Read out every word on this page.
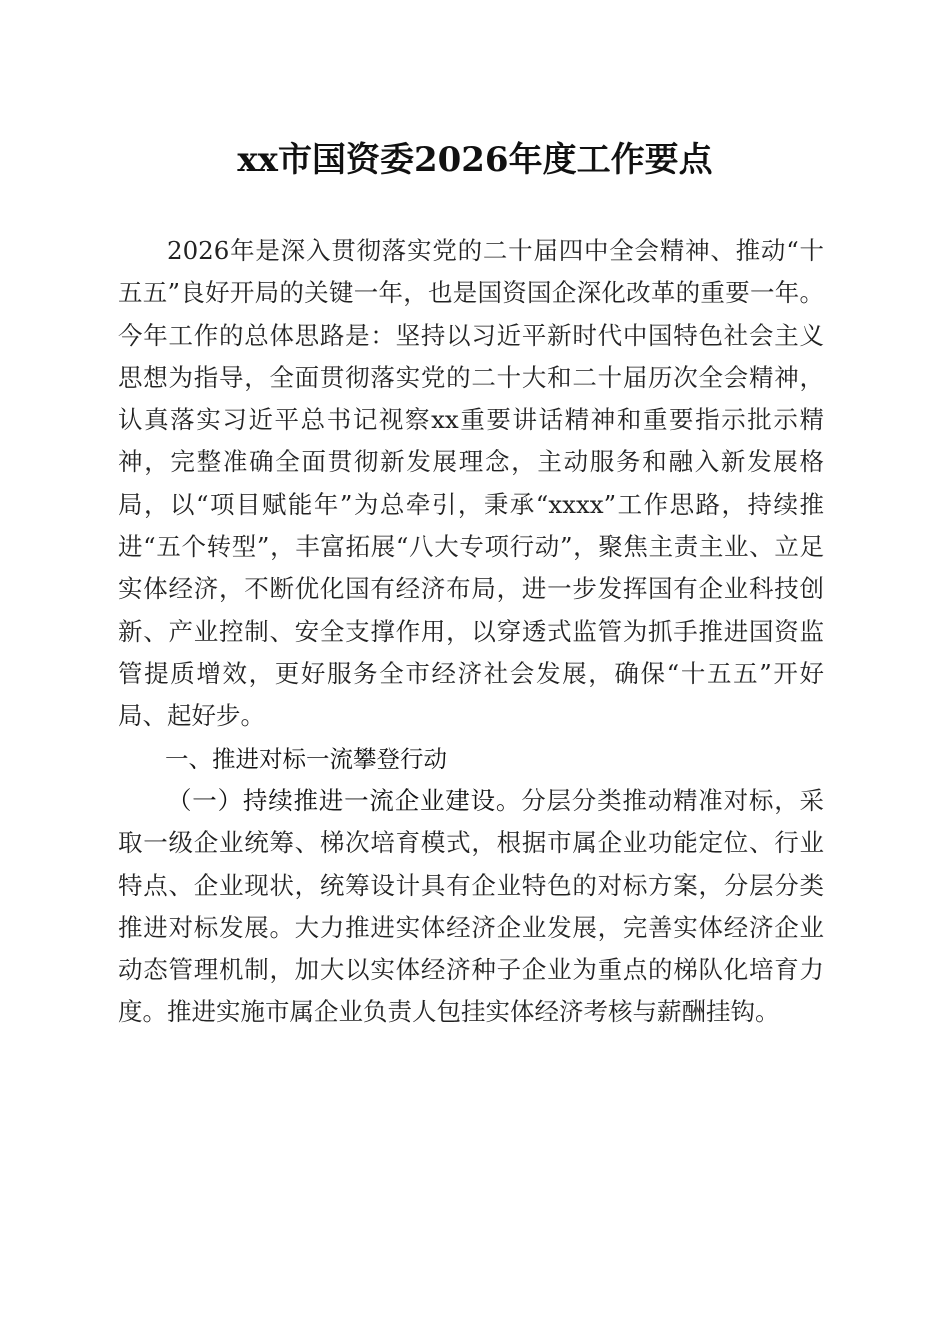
xx市国资委2026年度工作要点

2026年是深入贯彻落实党的二十届四中全会精神、推动“十五五”良好开局的关键一年，也是国资国企深化改革的重要一年。今年工作的总体思路是：坚持以习近平新时代中国特色社会主义思想为指导，全面贯彻落实党的二十大和二十届历次全会精神，认真落实习近平总书记视察xx重要讲话精神和重要指示批示精神，完整准确全面贯彻新发展理念，主动服务和融入新发展格局，以“项目赋能年”为总牵引，秉承“xxxx”工作思路，持续推进“五个转型”，丰富拓展“八大专项行动”，聚焦主责主业、立足实体经济，不断优化国有经济布局，进一步发挥国有企业科技创新、产业控制、安全支撑作用，以穿透式监管为抓手推进国资监管提质增效，更好服务全市经济社会发展，确保“十五五”开好局、起好步。

一、推进对标一流攀登行动

（一）持续推进一流企业建设。分层分类推动精准对标，采取一级企业统筹、梯次培育模式，根据市属企业功能定位、行业特点、企业现状，统筹设计具有企业特色的对标方案，分层分类推进对标发展。大力推进实体经济企业发展，完善实体经济企业动态管理机制，加大以实体经济种子企业为重点的梯队化培育力度。推进实施市属企业负责人包挂实体经济考核与薪酬挂钩。
